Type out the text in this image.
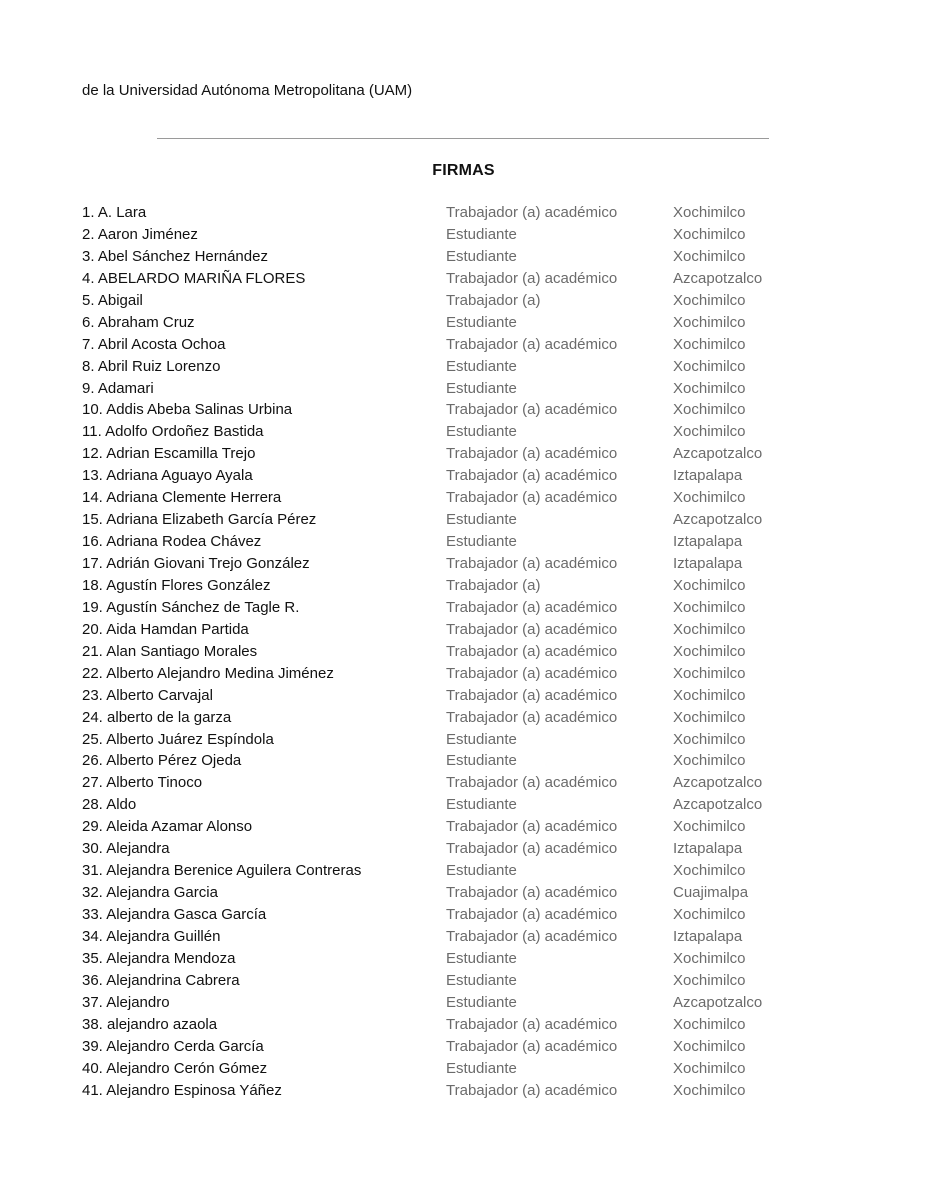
de la Universidad Autónoma Metropolitana (UAM)
FIRMAS
1. A. Lara	Trabajador (a) académico	Xochimilco
2. Aaron Jiménez	Estudiante	Xochimilco
3. Abel Sánchez Hernández	Estudiante	Xochimilco
4. ABELARDO MARIÑA FLORES	Trabajador (a) académico	Azcapotzalco
5. Abigail	Trabajador (a)	Xochimilco
6. Abraham Cruz	Estudiante	Xochimilco
7. Abril Acosta Ochoa	Trabajador (a) académico	Xochimilco
8. Abril Ruiz Lorenzo	Estudiante	Xochimilco
9. Adamari	Estudiante	Xochimilco
10. Addis Abeba Salinas Urbina	Trabajador (a) académico	Xochimilco
11. Adolfo Ordoñez Bastida	Estudiante	Xochimilco
12. Adrian Escamilla Trejo	Trabajador (a) académico	Azcapotzalco
13. Adriana Aguayo Ayala	Trabajador (a) académico	Iztapalapa
14. Adriana Clemente Herrera	Trabajador (a) académico	Xochimilco
15. Adriana Elizabeth García Pérez	Estudiante	Azcapotzalco
16. Adriana Rodea Chávez	Estudiante	Iztapalapa
17. Adrián Giovani Trejo González	Trabajador (a) académico	Iztapalapa
18. Agustín Flores González	Trabajador (a)	Xochimilco
19. Agustín Sánchez de Tagle R.	Trabajador (a) académico	Xochimilco
20. Aida Hamdan Partida	Trabajador (a) académico	Xochimilco
21. Alan Santiago Morales	Trabajador (a) académico	Xochimilco
22. Alberto Alejandro Medina Jiménez	Trabajador (a) académico	Xochimilco
23. Alberto Carvajal	Trabajador (a) académico	Xochimilco
24. alberto de la garza	Trabajador (a) académico	Xochimilco
25. Alberto Juárez Espíndola	Estudiante	Xochimilco
26. Alberto Pérez Ojeda	Estudiante	Xochimilco
27. Alberto Tinoco	Trabajador (a) académico	Azcapotzalco
28. Aldo	Estudiante	Azcapotzalco
29. Aleida Azamar Alonso	Trabajador (a) académico	Xochimilco
30. Alejandra	Trabajador (a) académico	Iztapalapa
31. Alejandra Berenice Aguilera Contreras	Estudiante	Xochimilco
32. Alejandra Garcia	Trabajador (a) académico	Cuajimalpa
33. Alejandra Gasca García	Trabajador (a) académico	Xochimilco
34. Alejandra Guillén	Trabajador (a) académico	Iztapalapa
35. Alejandra Mendoza	Estudiante	Xochimilco
36. Alejandrina Cabrera	Estudiante	Xochimilco
37. Alejandro	Estudiante	Azcapotzalco
38. alejandro azaola	Trabajador (a) académico	Xochimilco
39. Alejandro Cerda García	Trabajador (a) académico	Xochimilco
40. Alejandro Cerón Gómez	Estudiante	Xochimilco
41. Alejandro Espinosa Yáñez	Trabajador (a) académico	Xochimilco
